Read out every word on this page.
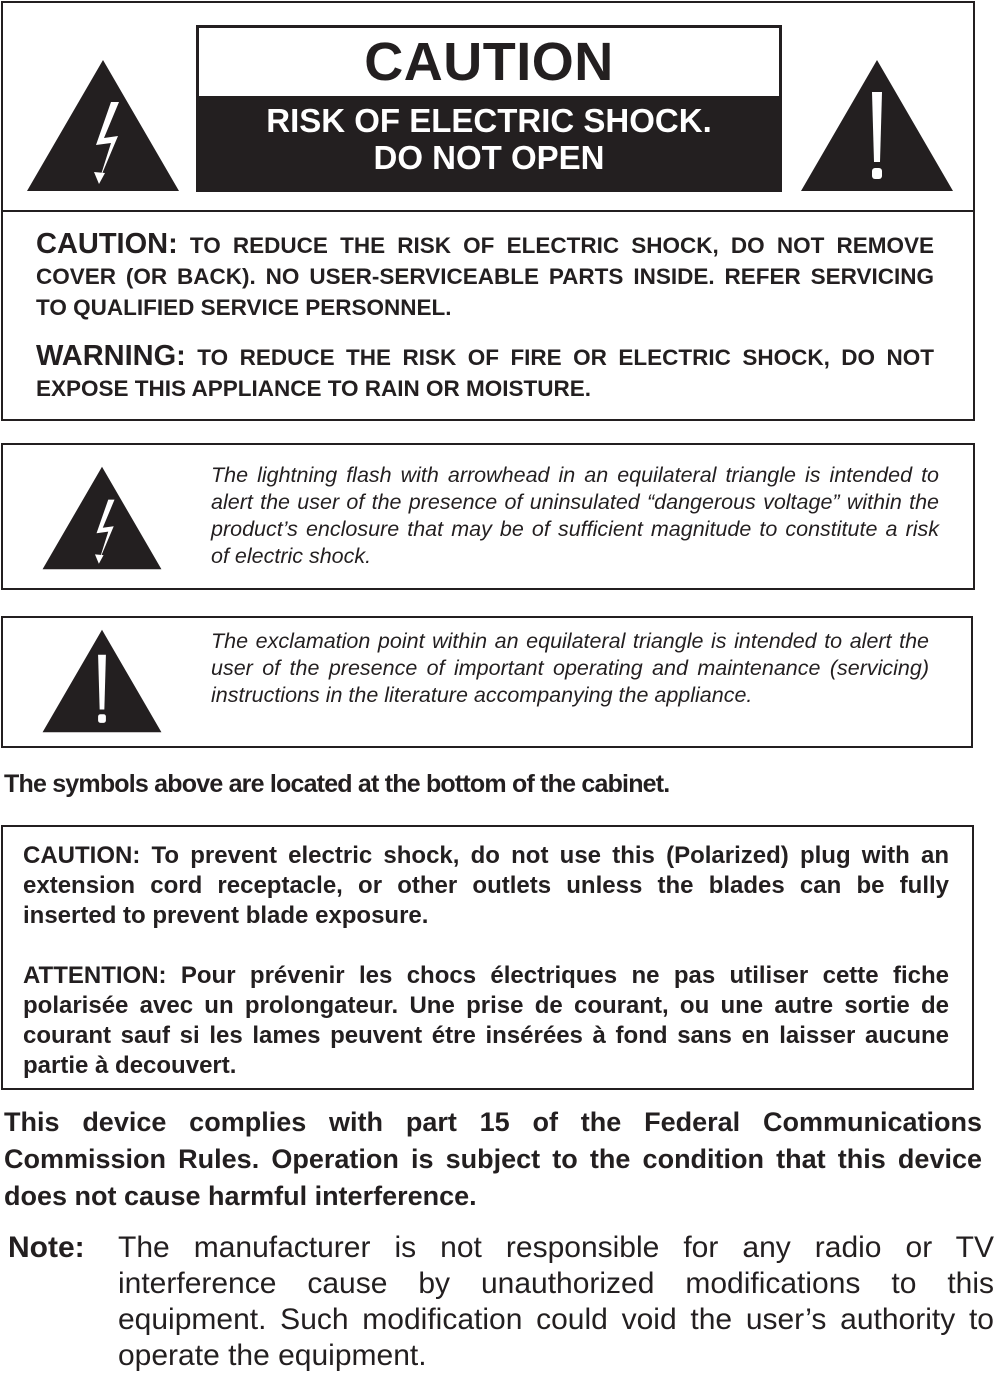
CAUTION
RISK OF ELECTRIC SHOCK.
DO NOT OPEN
CAUTION: TO REDUCE THE RISK OF ELECTRIC SHOCK, DO NOT REMOVE COVER (OR BACK). NO USER-SERVICEABLE PARTS INSIDE. REFER SERVICING TO QUALIFIED SERVICE PERSONNEL.
WARNING: TO REDUCE THE RISK OF FIRE OR ELECTRIC SHOCK, DO NOT EXPOSE THIS APPLIANCE TO RAIN OR MOISTURE.
The lightning flash with arrowhead in an equilateral triangle is intended to alert the user of the presence of uninsulated “dangerous voltage” within the product’s enclosure that may be of sufficient magnitude to constitute a risk of electric shock.
The exclamation point within an equilateral triangle is intended to alert the user of the presence of important operating and maintenance (servicing) instructions in the literature accompanying the appliance.
The symbols above are located at the bottom of the cabinet.
CAUTION: To prevent electric shock, do not use this (Polarized) plug with an extension cord receptacle, or other outlets unless the blades can be fully inserted to prevent blade exposure.
ATTENTION: Pour prévenir les chocs électriques ne pas utiliser cette fiche polarisée avec un prolongateur. Une prise de courant, ou une autre sortie de courant sauf si les lames peuvent étre insérées à fond sans en laisser aucune partie à decouvert.
This device complies with part 15 of the Federal Communications Commission Rules. Operation is subject to the condition that this device does not cause harmful interference.
Note: The manufacturer is not responsible for any radio or TV interference cause by unauthorized modifications to this equipment. Such modification could void the user’s authority to operate the equipment.
